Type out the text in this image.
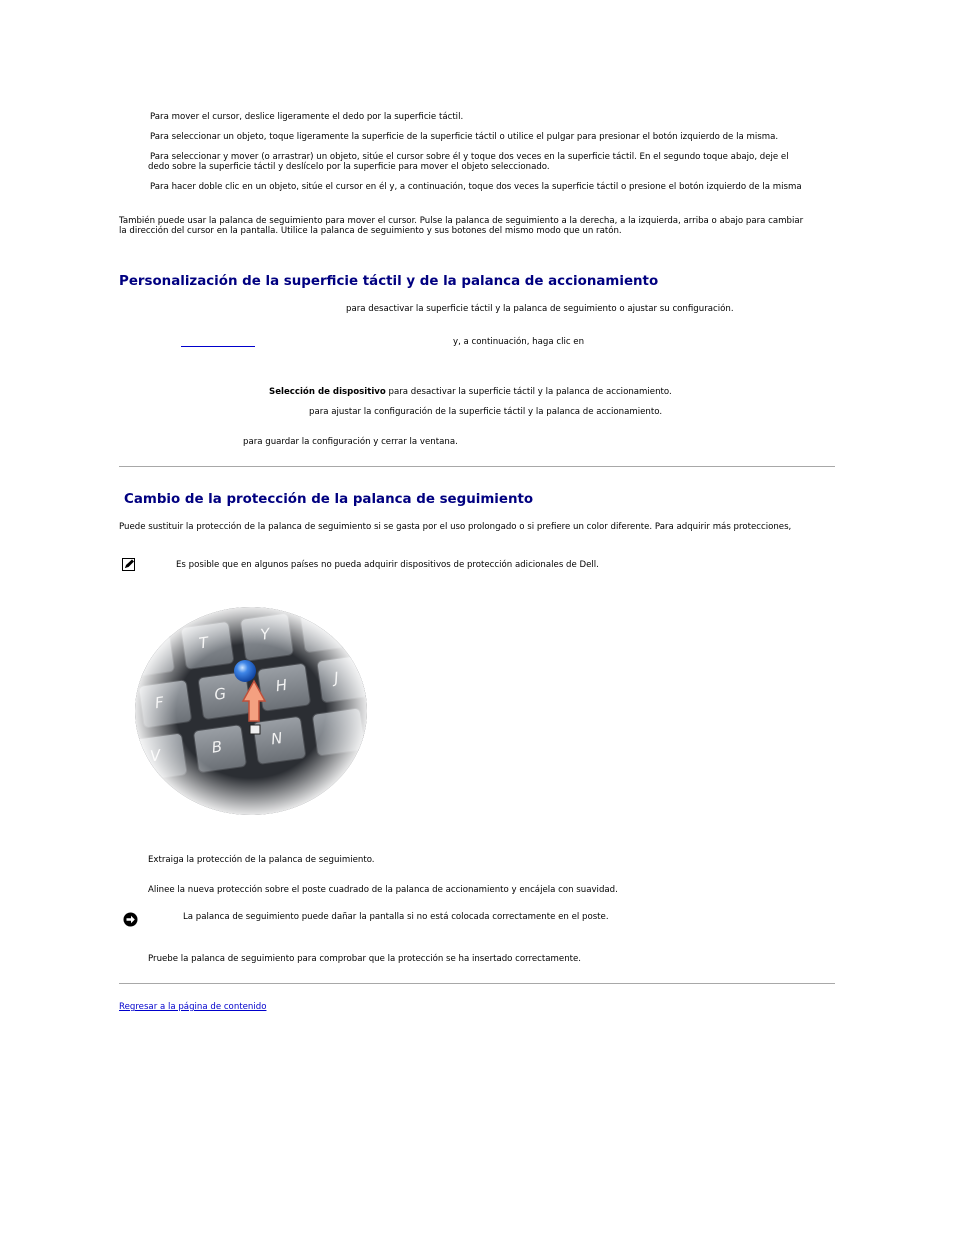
Para mover el cursor, deslice ligeramente el dedo por la superficie táctil.
Para seleccionar un objeto, toque ligeramente la superficie de la superficie táctil o utilice el pulgar para presionar el botón izquierdo de la misma.
Para seleccionar y mover (o arrastrar) un objeto, sitúe el cursor sobre él y toque dos veces en la superficie táctil. En el segundo toque abajo, deje el
dedo sobre la superficie táctil y deslícelo por la superficie para mover el objeto seleccionado.
Para hacer doble clic en un objeto, sitúe el cursor en él y, a continuación, toque dos veces la superficie táctil o presione el botón izquierdo de la misma
También puede usar la palanca de seguimiento para mover el cursor. Pulse la palanca de seguimiento a la derecha, a la izquierda, arriba o abajo para cambiar
la dirección del cursor en la pantalla. Utilice la palanca de seguimiento y sus botones del mismo modo que un ratón.
Personalización de la superficie táctil y de la palanca de accionamiento
para desactivar la superficie táctil y la palanca de seguimiento o ajustar su configuración.
y, a continuación, haga clic en
Selección de dispositivo para desactivar la superficie táctil y la palanca de accionamiento.
para ajustar la configuración de la superficie táctil y la palanca de accionamiento.
para guardar la configuración y cerrar la ventana.
Cambio de la protección de la palanca de seguimiento
Puede sustituir la protección de la palanca de seguimiento si se gasta por el uso prolongado o si prefiere un color diferente. Para adquirir más protecciones,
Es posible que en algunos países no pueda adquirir dispositivos de protección adicionales de Dell.
Extraiga la protección de la palanca de seguimiento.
Alinee la nueva protección sobre el poste cuadrado de la palanca de accionamiento y encájela con suavidad.
La palanca de seguimiento puede dañar la pantalla si no está colocada correctamente en el poste.
Pruebe la palanca de seguimiento para comprobar que la protección se ha insertado correctamente.
Regresar a la página de contenido
